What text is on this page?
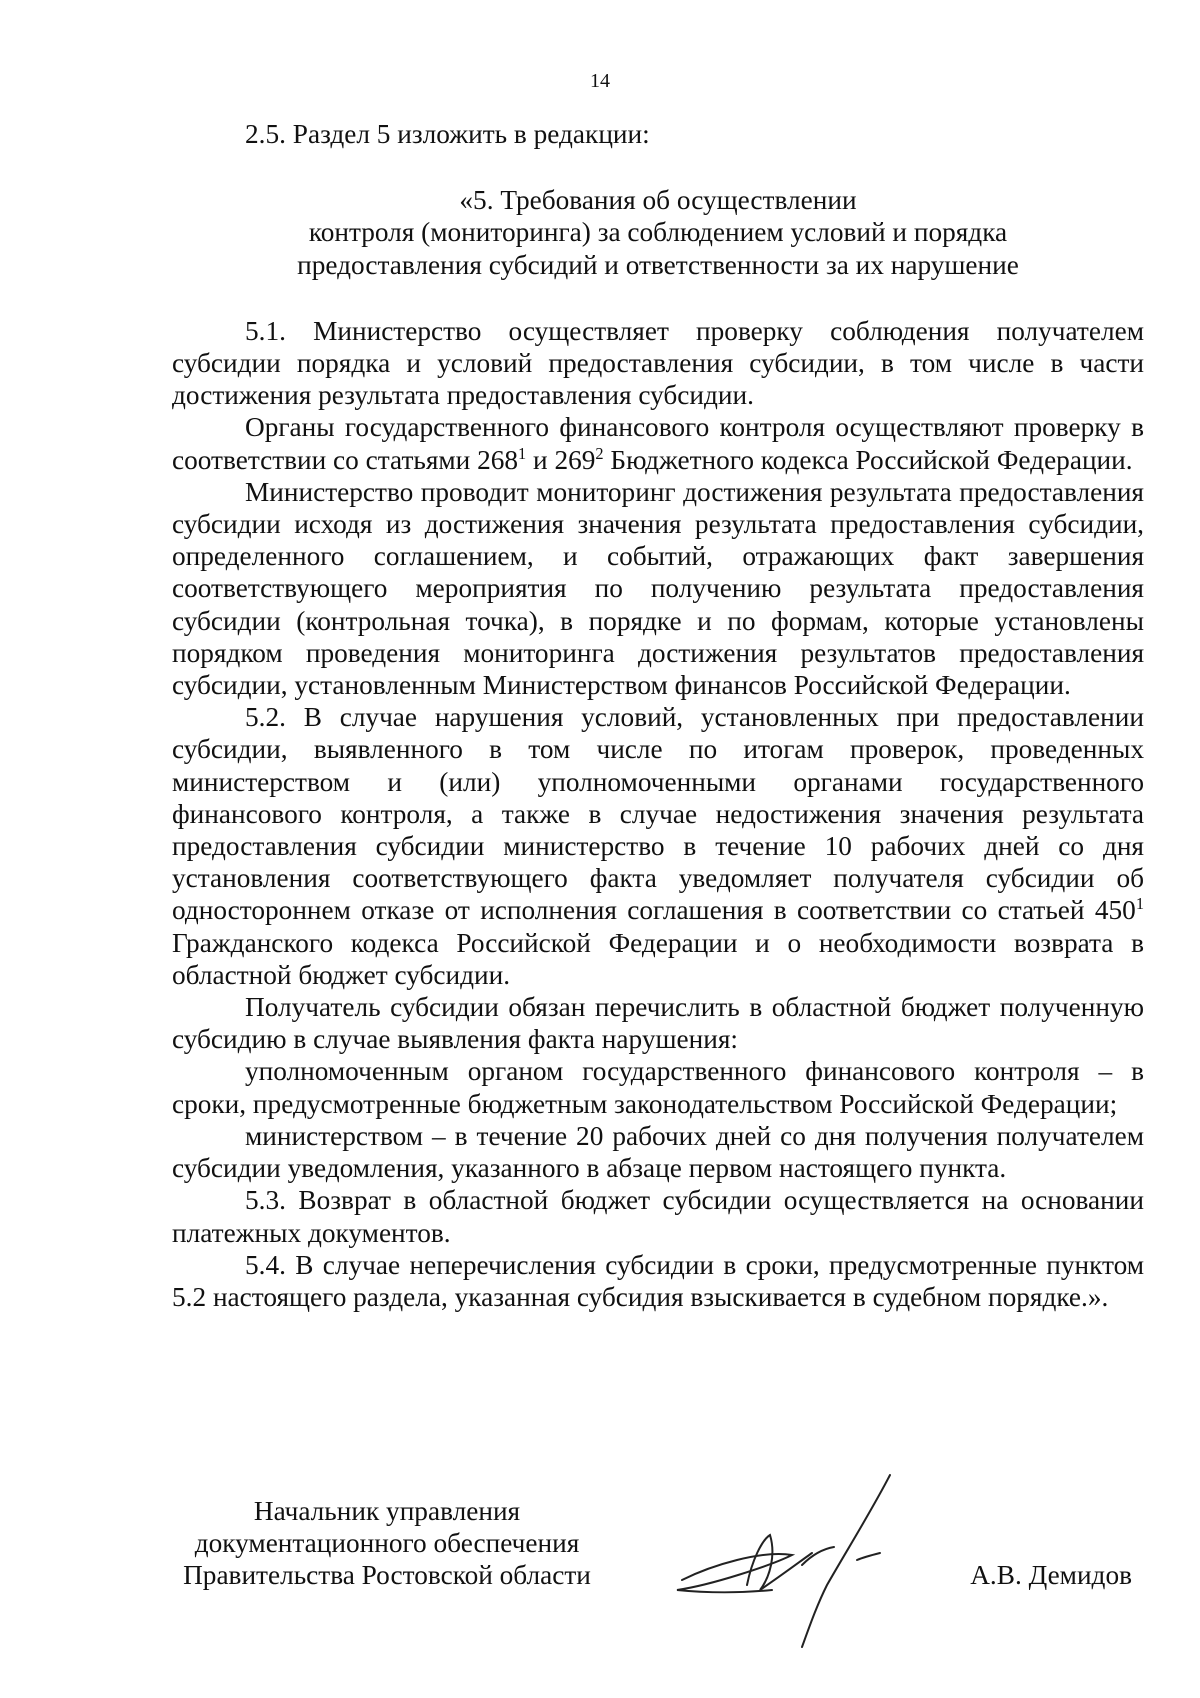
14

2.5. Раздел 5 изложить в редакции:

«5. Требования об осуществлении
контроля (мониторинга) за соблюдением условий и порядка
предоставления субсидий и ответственности за их нарушение

5.1. Министерство осуществляет проверку соблюдения получателем субсидии порядка и условий предоставления субсидии, в том числе в части достижения результата предоставления субсидии.

Органы государственного финансового контроля осуществляют проверку в соответствии со статьями $268^1$ и $269^2$ Бюджетного кодекса Российской Федерации.

Министерство проводит мониторинг достижения результата предоставления субсидии исходя из достижения значения результата предоставления субсидии, определенного соглашением, и событий, отражающих факт завершения соответствующего мероприятия по получению результата предоставления субсидии (контрольная точка), в порядке и по формам, которые установлены порядком проведения мониторинга достижения результатов предоставления субсидии, установленным Министерством финансов Российской Федерации.

5.2. В случае нарушения условий, установленных при предоставлении субсидии, выявленного в том числе по итогам проверок, проведенных министерством и (или) уполномоченными органами государственного финансового контроля, а также в случае недостижения значения результата предоставления субсидии министерство в течение 10 рабочих дней со дня установления соответствующего факта уведомляет получателя субсидии об одностороннем отказе от исполнения соглашения в соответствии со статьей $450^1$ Гражданского кодекса Российской Федерации и о необходимости возврата в областной бюджет субсидии.

Получатель субсидии обязан перечислить в областной бюджет полученную субсидию в случае выявления факта нарушения:

уполномоченным органом государственного финансового контроля – в сроки, предусмотренные бюджетным законодательством Российской Федерации;

министерством – в течение 20 рабочих дней со дня получения получателем субсидии уведомления, указанного в абзаце первом настоящего пункта.

5.3. Возврат в областной бюджет субсидии осуществляется на основании платежных документов.

5.4. В случае неперечисления субсидии в сроки, предусмотренные пунктом 5.2 настоящего раздела, указанная субсидия взыскивается в судебном порядке.».

Начальник управления
документационного обеспечения
Правительства Ростовской области	А.В. Демидов
